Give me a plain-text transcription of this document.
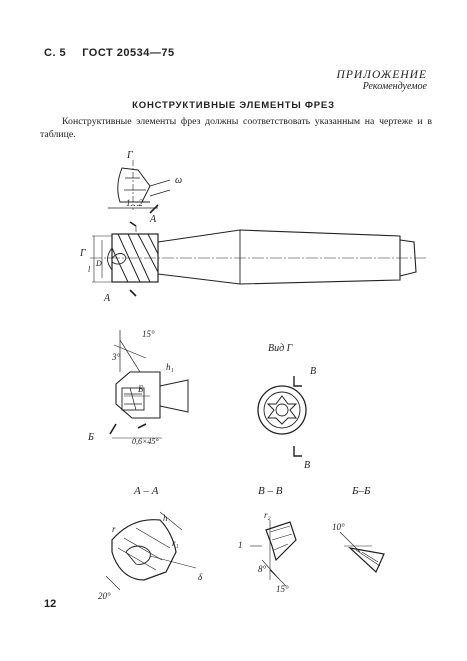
С. 5 ГОСТ 20534—75
ПРИЛОЖЕНИЕ
Рекомендуемое
КОНСТРУКТИВНЫЕ ЭЛЕМЕНТЫ ФРЕЗ
Конструктивные элементы фрез должны соответствовать указанным на чертеже и в таблице.
Г
ω
1…2
А
Г
D
l
А
3°
15°
h₁
Б
Б	0,6×45°
Вид Г
В
В
А – А
r
h
r₁
20°
δ
В – В
r₂
1
8°
15°
Б–Б
10°
12
